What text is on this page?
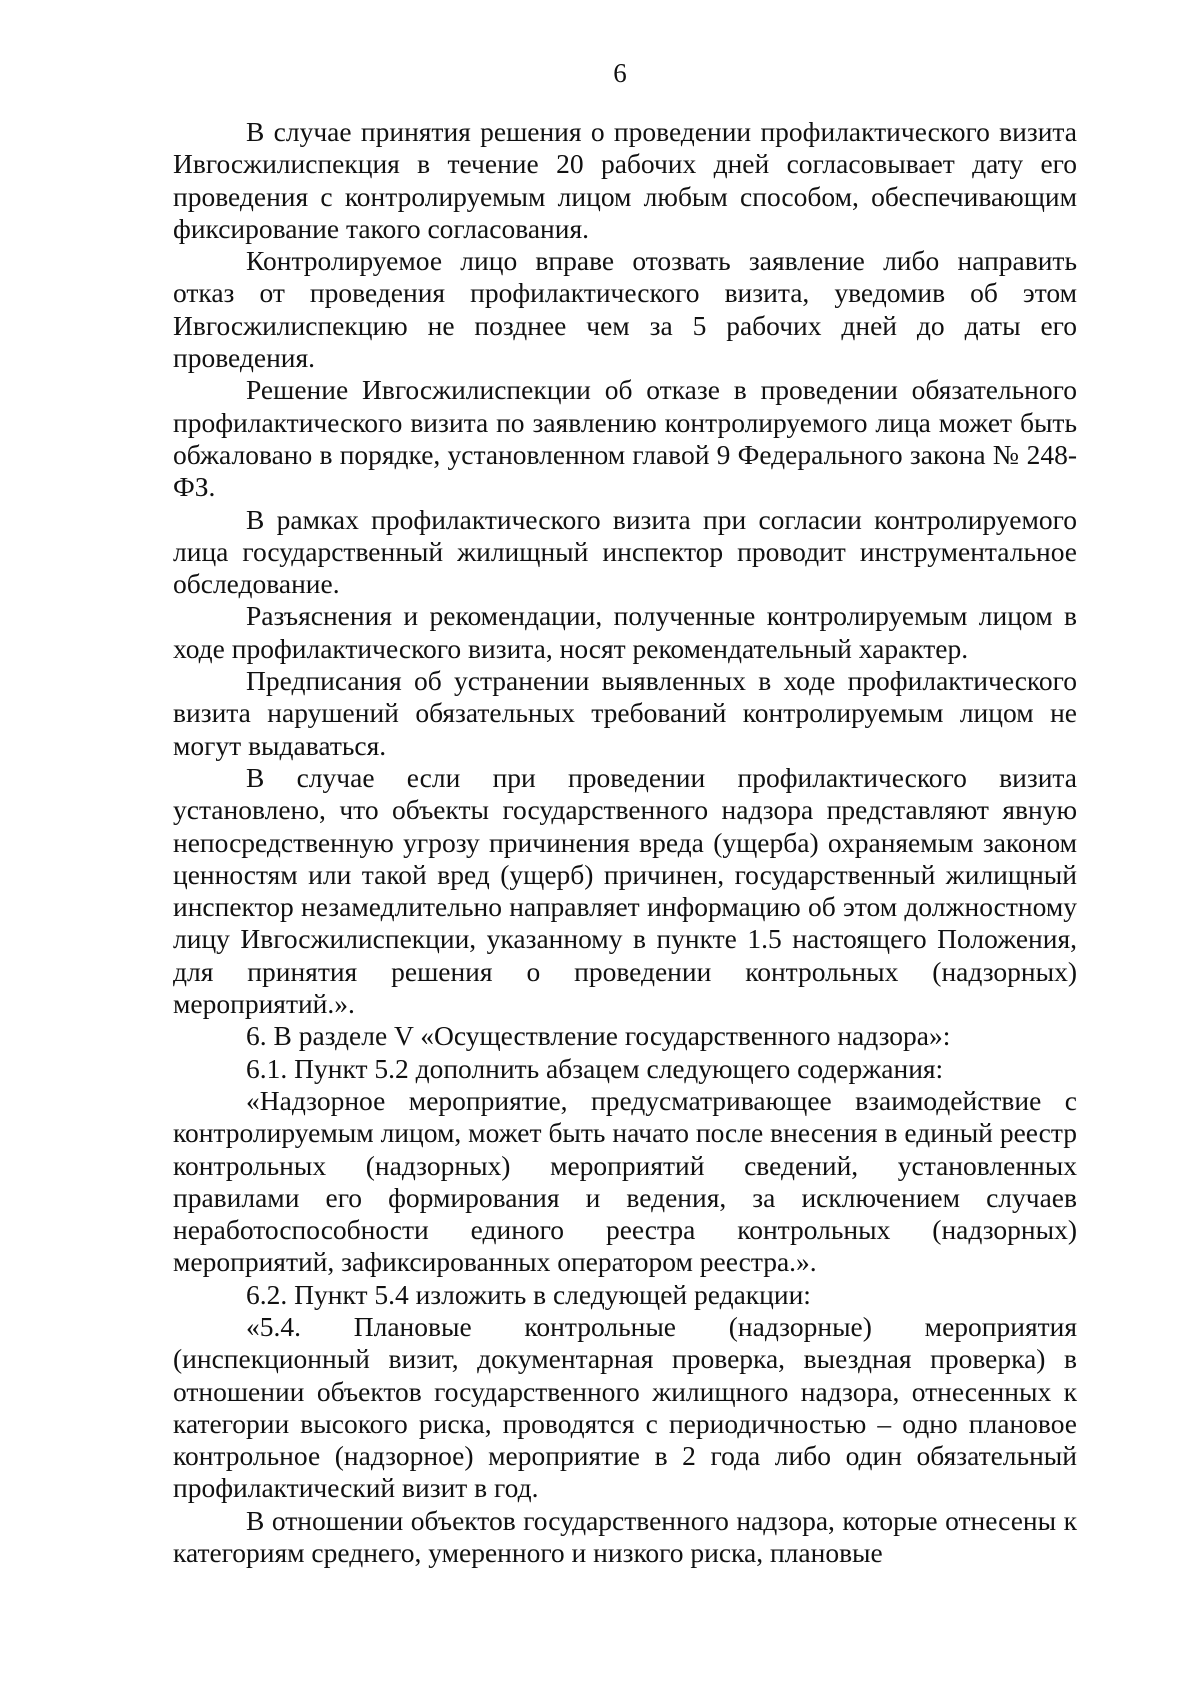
6

В случае принятия решения о проведении профилактического визита Ивгосжилиспекция в течение 20 рабочих дней согласовывает дату его проведения с контролируемым лицом любым способом, обеспечивающим фиксирование такого согласования.

Контролируемое лицо вправе отозвать заявление либо направить отказ от проведения профилактического визита, уведомив об этом Ивгосжилиспекцию не позднее чем за 5 рабочих дней до даты его проведения.

Решение Ивгосжилиспекции об отказе в проведении обязательного профилактического визита по заявлению контролируемого лица может быть обжаловано в порядке, установленном главой 9 Федерального закона № 248-ФЗ.

В рамках профилактического визита при согласии контролируемого лица государственный жилищный инспектор проводит инструментальное обследование.

Разъяснения и рекомендации, полученные контролируемым лицом в ходе профилактического визита, носят рекомендательный характер.

Предписания об устранении выявленных в ходе профилактического визита нарушений обязательных требований контролируемым лицом не могут выдаваться.

В случае если при проведении профилактического визита установлено, что объекты государственного надзора представляют явную непосредственную угрозу причинения вреда (ущерба) охраняемым законом ценностям или такой вред (ущерб) причинен, государственный жилищный инспектор незамедлительно направляет информацию об этом должностному лицу Ивгосжилиспекции, указанному в пункте 1.5 настоящего Положения, для принятия решения о проведении контрольных (надзорных) мероприятий.».

6. В разделе V «Осуществление государственного надзора»:

6.1. Пункт 5.2 дополнить абзацем следующего содержания:

«Надзорное мероприятие, предусматривающее взаимодействие с контролируемым лицом, может быть начато после внесения в единый реестр контрольных (надзорных) мероприятий сведений, установленных правилами его формирования и ведения, за исключением случаев неработоспособности единого реестра контрольных (надзорных) мероприятий, зафиксированных оператором реестра.».

6.2. Пункт 5.4 изложить в следующей редакции:

«5.4. Плановые контрольные (надзорные) мероприятия (инспекционный визит, документарная проверка, выездная проверка) в отношении объектов государственного жилищного надзора, отнесенных к категории высокого риска, проводятся с периодичностью – одно плановое контрольное (надзорное) мероприятие в 2 года либо один обязательный профилактический визит в год.

В отношении объектов государственного надзора, которые отнесены к категориям среднего, умеренного и низкого риска, плановые
